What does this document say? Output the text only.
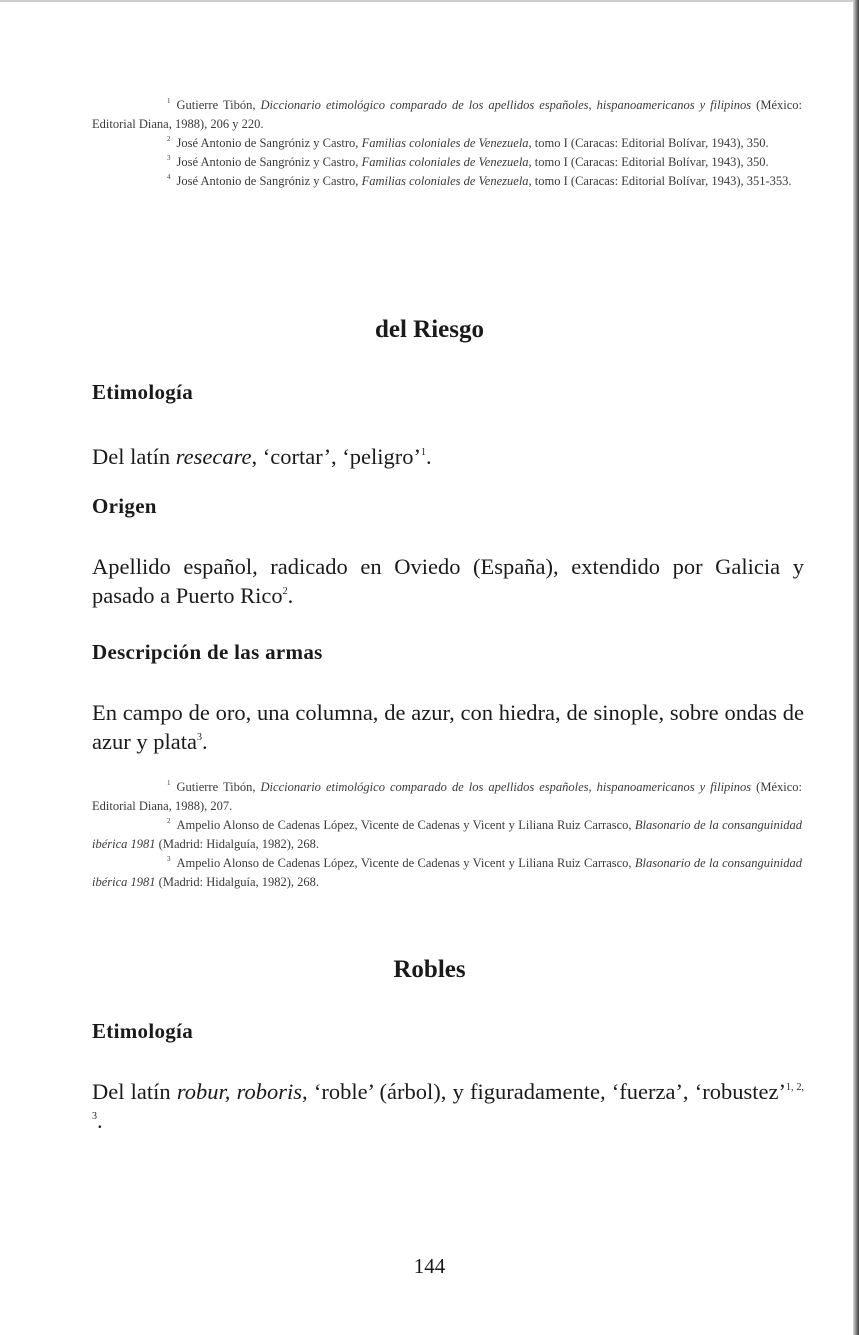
$^1$ Gutierre Tibón, Diccionario etimológico comparado de los apellidos españoles, hispanoamericanos y filipinos (México: Editorial Diana, 1988), 206 y 220.

$^2$ José Antonio de Sangróniz y Castro, Familias coloniales de Venezuela, tomo I (Caracas: Editorial Bolívar, 1943), 350.

$^3$ José Antonio de Sangróniz y Castro, Familias coloniales de Venezuela, tomo I (Caracas: Editorial Bolívar, 1943), 350.

$^4$ José Antonio de Sangróniz y Castro, Familias coloniales de Venezuela, tomo I (Caracas: Editorial Bolívar, 1943), 351-353.

del Riesgo
Etimología

Del latín resecare, ‘cortar’, ‘peligro’$^1$.

Origen

Apellido español, radicado en Oviedo (España), extendido por Galicia y pasado a Puerto Rico$^2$.

Descripción de las armas

En campo de oro, una columna, de azur, con hiedra, de sinople, sobre ondas de azur y plata$^3$.

$^1$ Gutierre Tibón, Diccionario etimológico comparado de los apellidos españoles, hispanoamericanos y filipinos (México: Editorial Diana, 1988), 207.

$^2$ Ampelio Alonso de Cadenas López, Vicente de Cadenas y Vicent y Liliana Ruiz Carrasco, Blasonario de la consanguinidad ibérica 1981 (Madrid: Hidalguía, 1982), 268.

$^3$ Ampelio Alonso de Cadenas López, Vicente de Cadenas y Vicent y Liliana Ruiz Carrasco, Blasonario de la consanguinidad ibérica 1981 (Madrid: Hidalguía, 1982), 268.

Robles
Etimología

Del latín robur, roboris, ‘roble’ (árbol), y figuradamente, ‘fuerza’, ‘robustez’$^{1, 2, 3}$.

144
